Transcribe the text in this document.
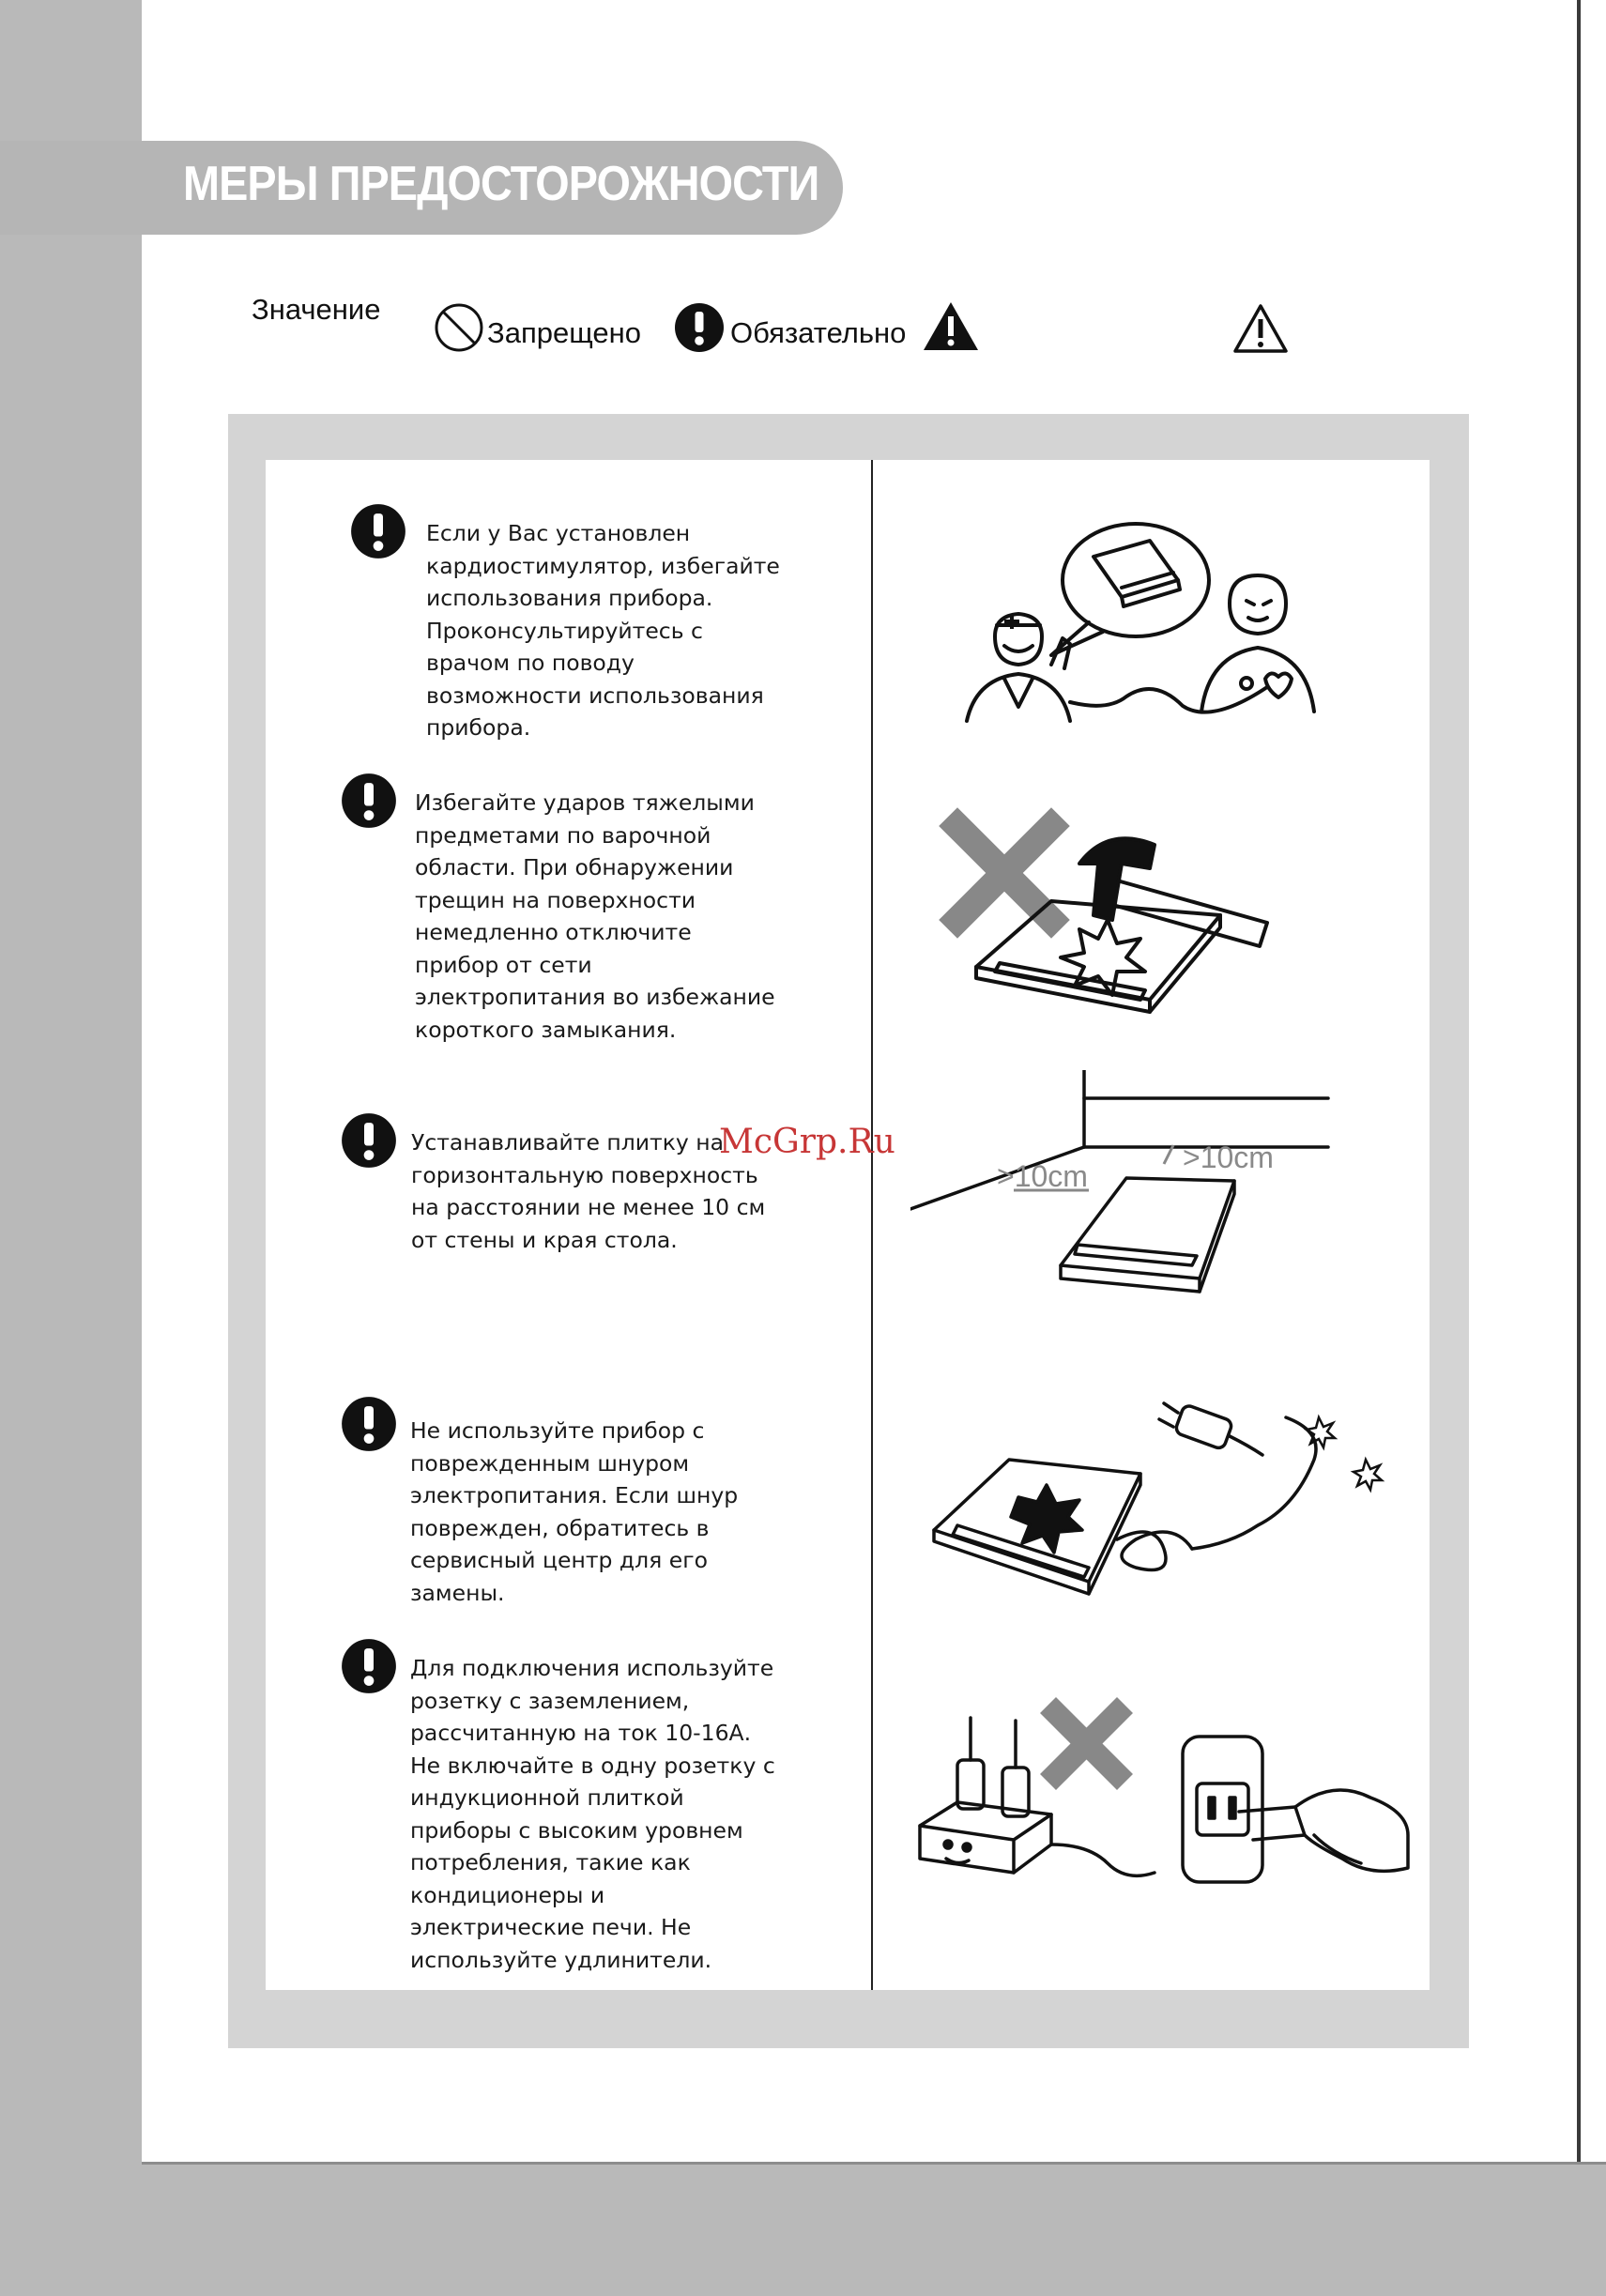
МЕРЫ ПРЕДОСТОРОЖНОСТИ
Значение
Запрещено	Обязательно
Если у Вас установлен
кардиостимулятор, избегайте
использования прибора.
Проконсультируйтесь с
врачом по поводу
возможности использования
прибора.
Избегайте ударов тяжелыми
предметами по варочной
области. При обнаружении
трещин на поверхности
немедленно отключите
прибор от сети
электропитания во избежание
короткого замыкания.
Устанавливайте плитку на
горизонтальную поверхность
на расстоянии не менее 10 см
от стены и края стола.
Не используйте прибор с
поврежденным шнуром
электропитания. Если шнур
поврежден, обратитесь в
сервисный центр для его
замены.
Для подключения используйте
розетку с заземлением,
рассчитанную на ток 10-16А.
Не включайте в одну розетку с
индукционной плиткой
приборы с высоким уровнем
потребления, такие как
кондиционеры и
электрические печи. Не
используйте удлинители.
>10cm
>10cm
McGrp.Ru
